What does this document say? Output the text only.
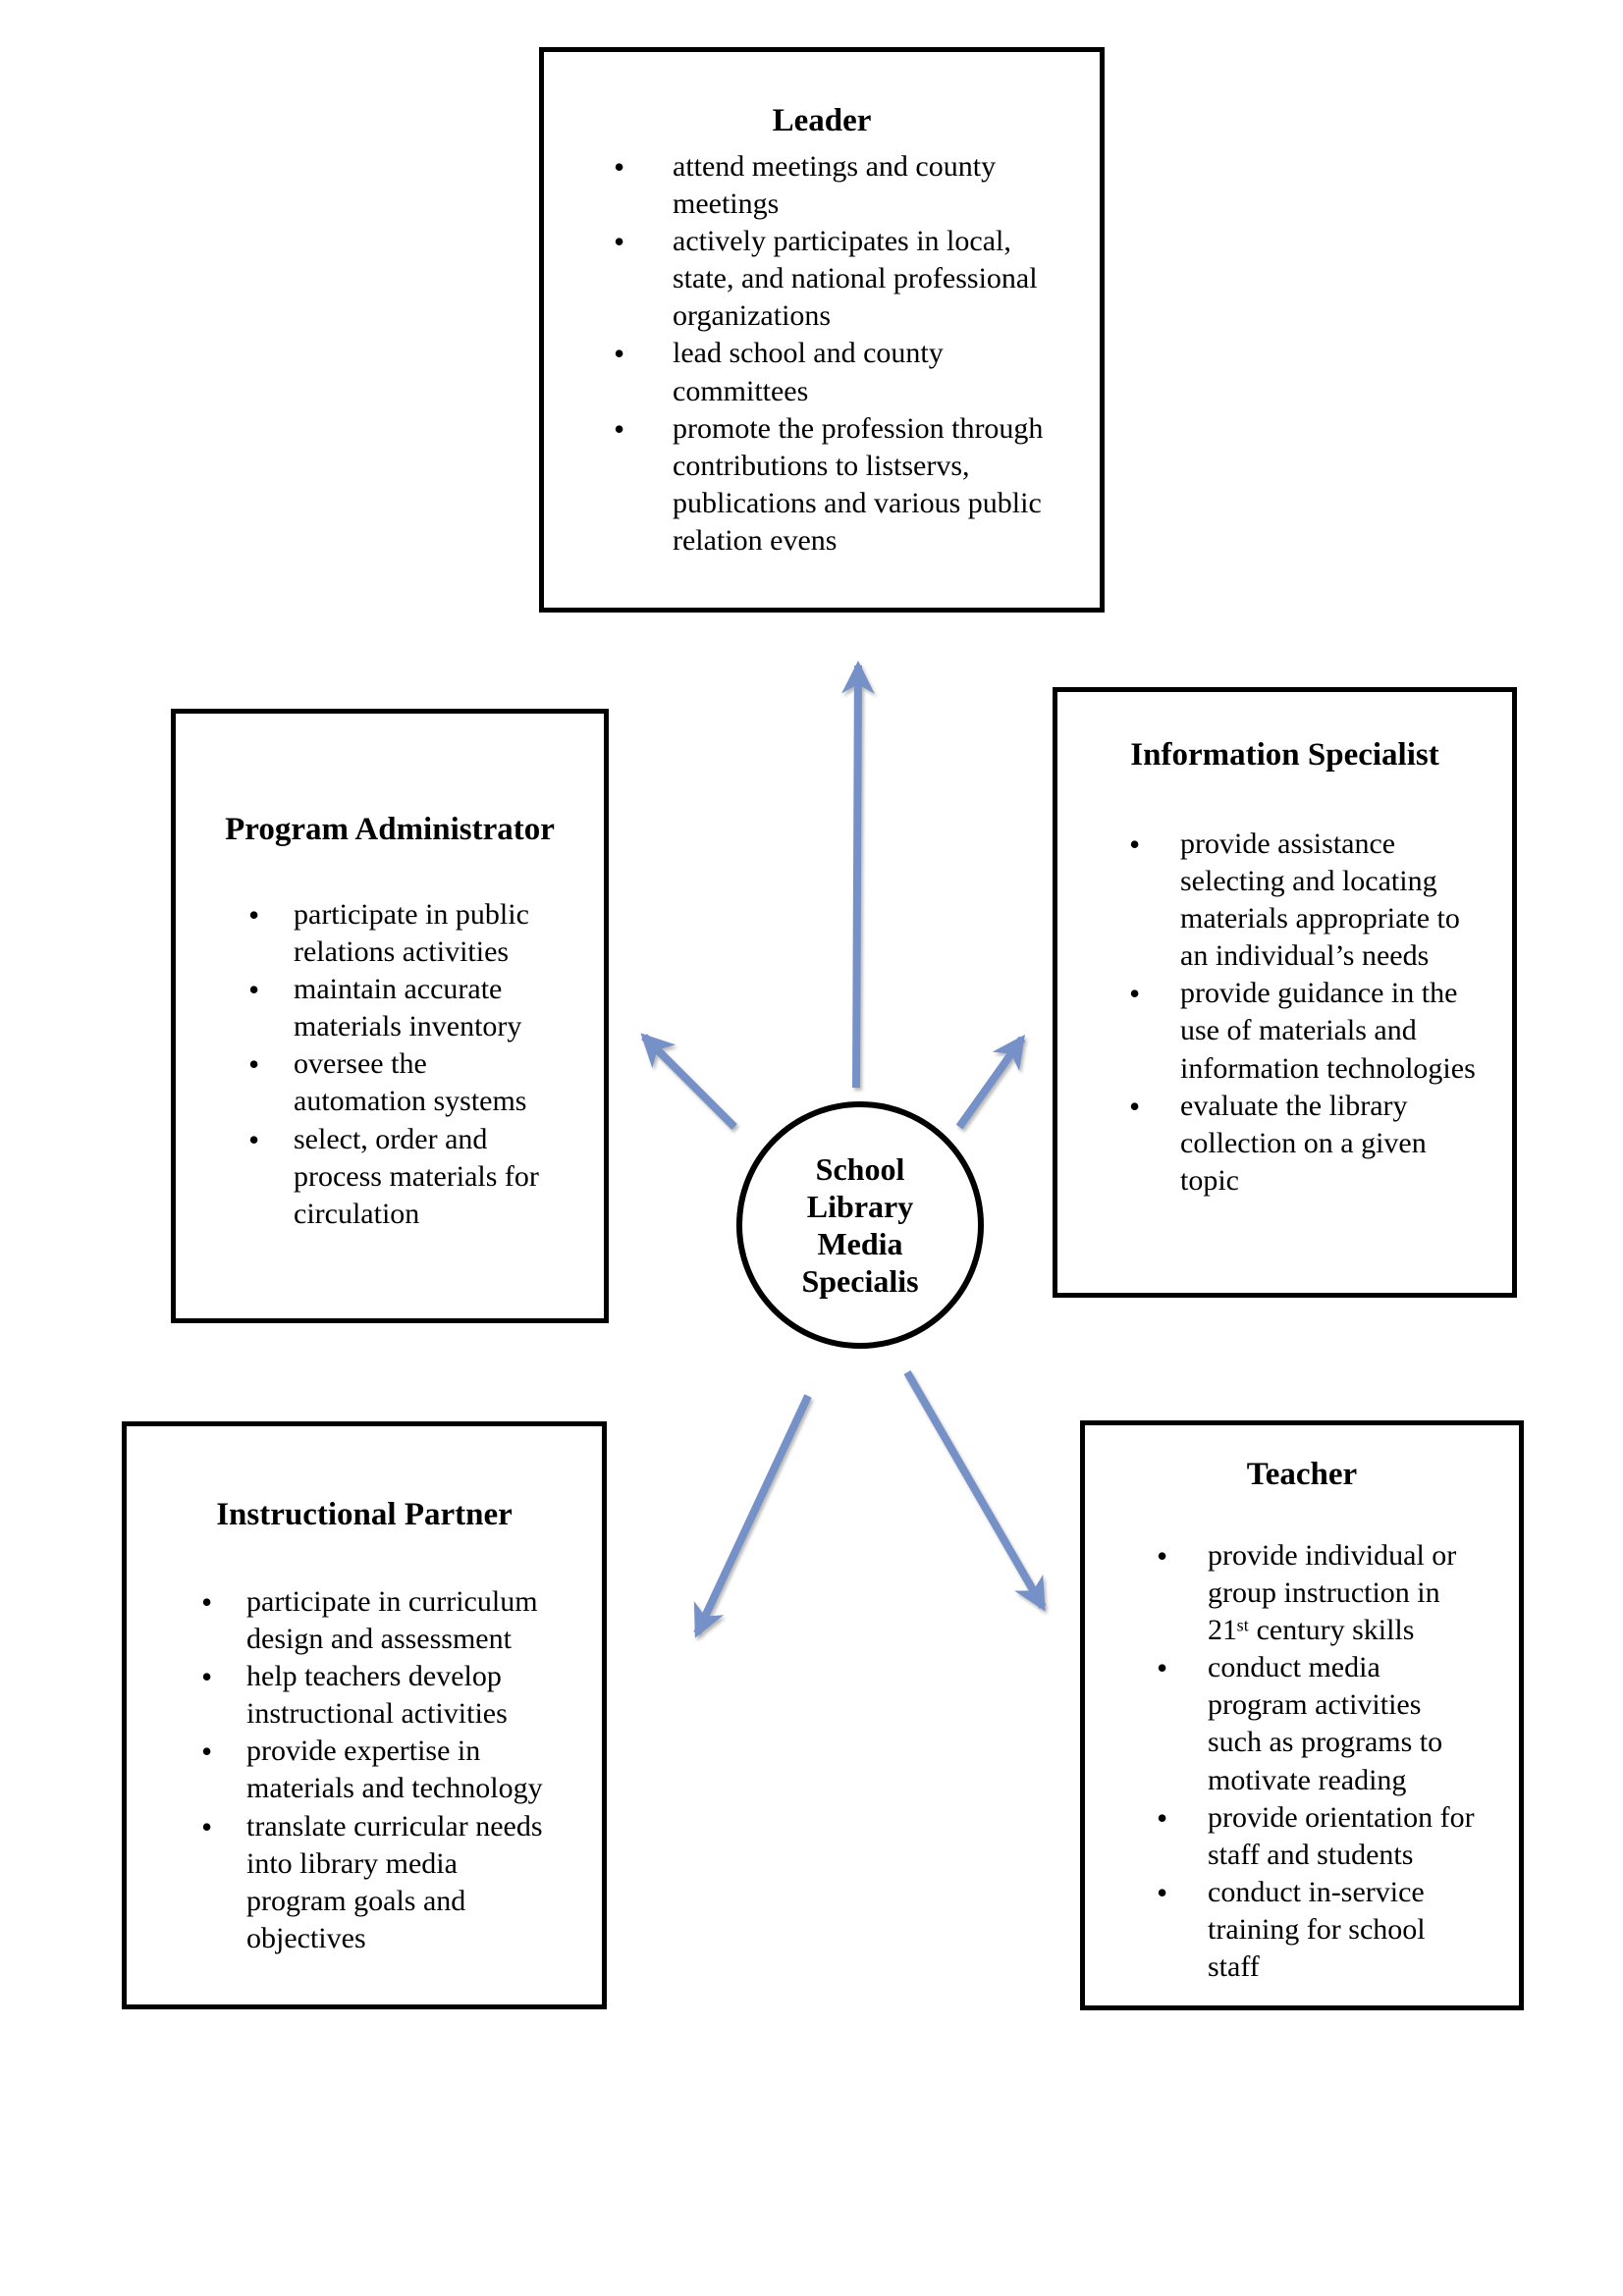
Leader
• attend meetings and county meetings
• actively participates in local, state, and national professional organizations
• lead school and county committees
• promote the profession through contributions to listservs, publications and various public relation evens
Program Administrator
• participate in public relations activities
• maintain accurate materials inventory
• oversee the automation systems
• select, order and process materials for circulation
Information Specialist
• provide assistance selecting and locating materials appropriate to an individual’s needs
• provide guidance in the use of materials and information technologies
• evaluate the library collection on a given topic
Instructional Partner
• participate in curriculum design and assessment
• help teachers develop instructional activities
• provide expertise in materials and technology
• translate curricular needs into library media program goals and objectives
Teacher
• provide individual or group instruction in 21ˢᵗ century skills
• conduct media program activities such as programs to motivate reading
• provide orientation for staff and students
• conduct in-service training for school staff
School
Library
Media
Specialis
